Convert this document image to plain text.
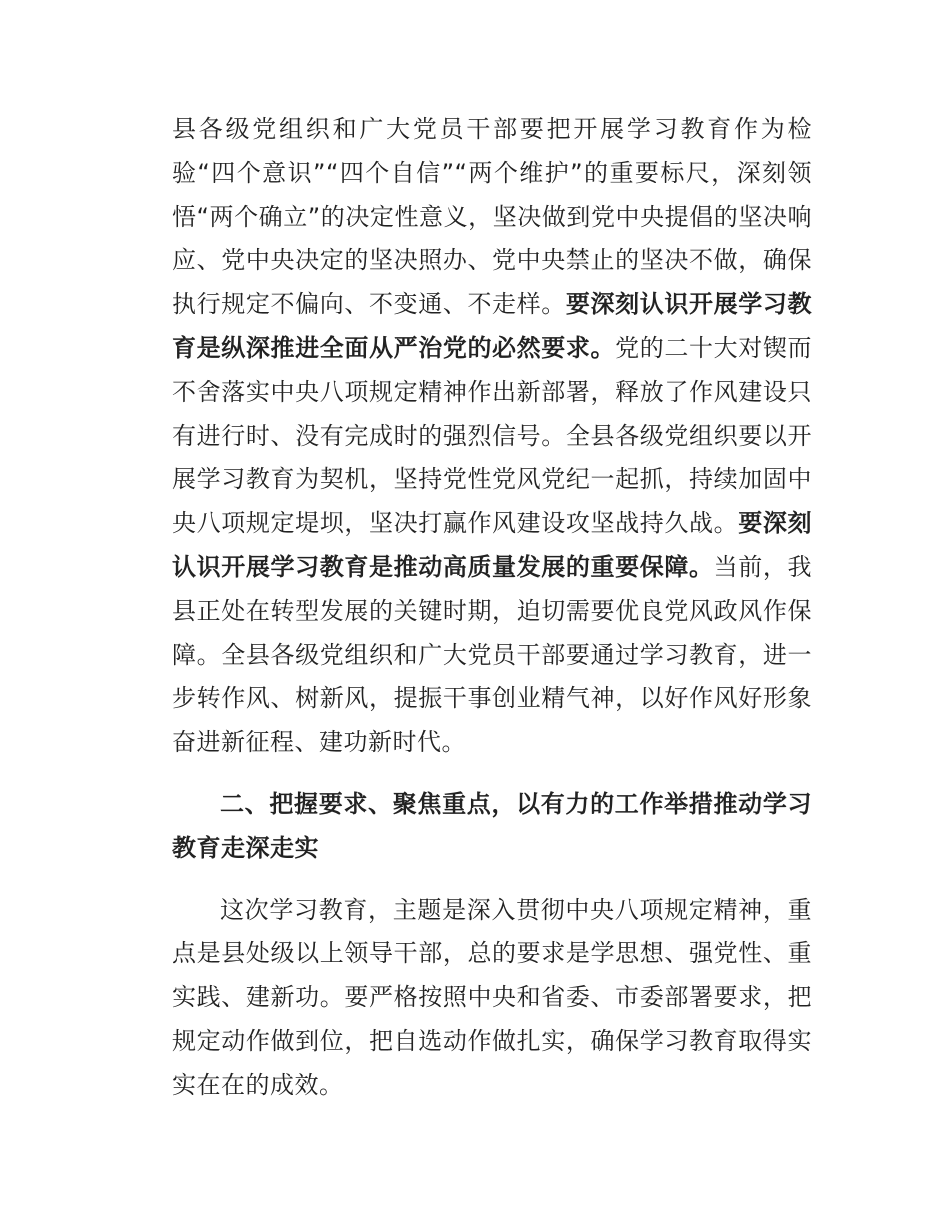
县各级党组织和广大党员干部要把开展学习教育作为检验“四个意识”“四个自信”“两个维护”的重要标尺，深刻领悟“两个确立”的决定性意义，坚决做到党中央提倡的坚决响应、党中央决定的坚决照办、党中央禁止的坚决不做，确保执行规定不偏向、不变通、不走样。要深刻认识开展学习教育是纵深推进全面从严治党的必然要求。党的二十大对锲而不舍落实中央八项规定精神作出新部署，释放了作风建设只有进行时、没有完成时的强烈信号。全县各级党组织要以开展学习教育为契机，坚持党性党风党纪一起抓，持续加固中央八项规定堤坝，坚决打赢作风建设攻坚战持久战。要深刻认识开展学习教育是推动高质量发展的重要保障。当前，我县正处在转型发展的关键时期，迫切需要优良党风政风作保障。全县各级党组织和广大党员干部要通过学习教育，进一步转作风、树新风，提振干事创业精气神，以好作风好形象奋进新征程、建功新时代。

二、把握要求、聚焦重点，以有力的工作举措推动学习教育走深走实

这次学习教育，主题是深入贯彻中央八项规定精神，重点是县处级以上领导干部，总的要求是学思想、强党性、重实践、建新功。要严格按照中央和省委、市委部署要求，把规定动作做到位，把自选动作做扎实，确保学习教育取得实实在在的成效。
